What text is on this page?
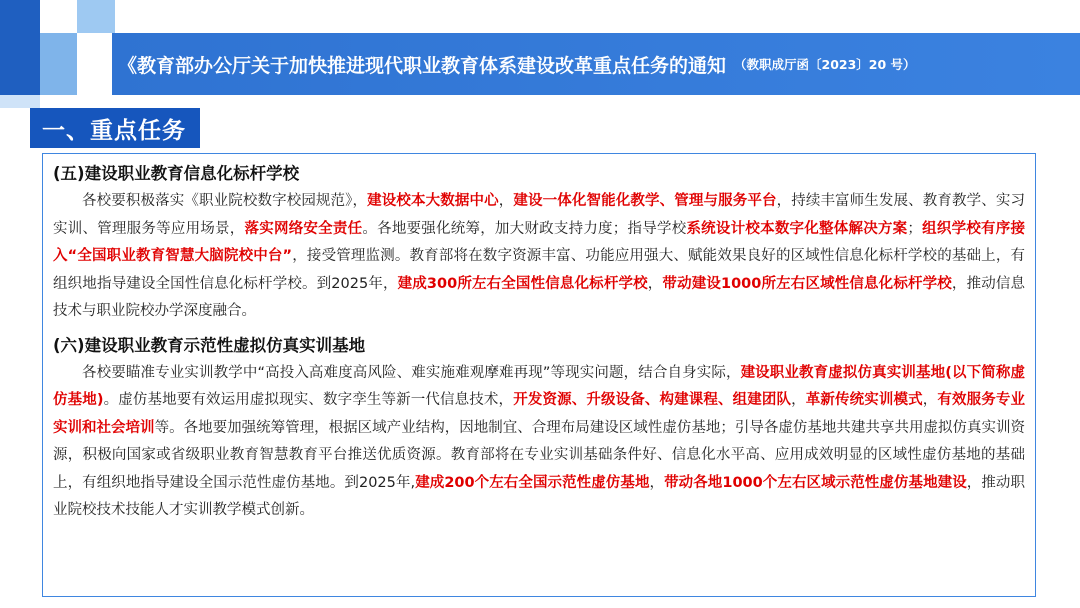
《教育部办公厅关于加快推进现代职业教育体系建设改革重点任务的通知 （教职成厅函〔2023〕20 号）
一、重点任务
(五)建设职业教育信息化标杆学校
各校要积极落实《职业院校数字校园规范》，建设校本大数据中心，建设一体化智能化教学、管理与服务平台，持续丰富师生发展、教育教学、实习实训、管理服务等应用场景，落实网络安全责任。各地要强化统筹，加大财政支持力度；指导学校系统设计校本数字化整体解决方案；组织学校有序接入“全国职业教育智慧大脑院校中台”，接受管理监测。教育部将在数字资源丰富、功能应用强大、赋能效果良好的区域性信息化标杆学校的基础上，有组织地指导建设全国性信息化标杆学校。到2025年，建成300所左右全国性信息化标杆学校，带动建设1000所左右区域性信息化标杆学校，推动信息技术与职业院校办学深度融合。
(六)建设职业教育示范性虚拟仿真实训基地
各校要瞄准专业实训教学中“高投入高难度高风险、难实施难观摩难再现”等现实问题，结合自身实际，建设职业教育虚拟仿真实训基地(以下简称虚仿基地)。虚仿基地要有效运用虚拟现实、数字孪生等新一代信息技术，开发资源、升级设备、构建课程、组建团队，革新传统实训模式，有效服务专业实训和社会培训等。各地要加强统筹管理，根据区域产业结构，因地制宜、合理布局建设区域性虚仿基地；引导各虚仿基地共建共享共用虚拟仿真实训资源，积极向国家或省级职业教育智慧教育平台推送优质资源。教育部将在专业实训基础条件好、信息化水平高、应用成效明显的区域性虚仿基地的基础上，有组织地指导建设全国示范性虚仿基地。到2025年,建成200个左右全国示范性虚仿基地，带动各地1000个左右区域示范性虚仿基地建设，推动职业院校技术技能人才实训教学模式创新。
